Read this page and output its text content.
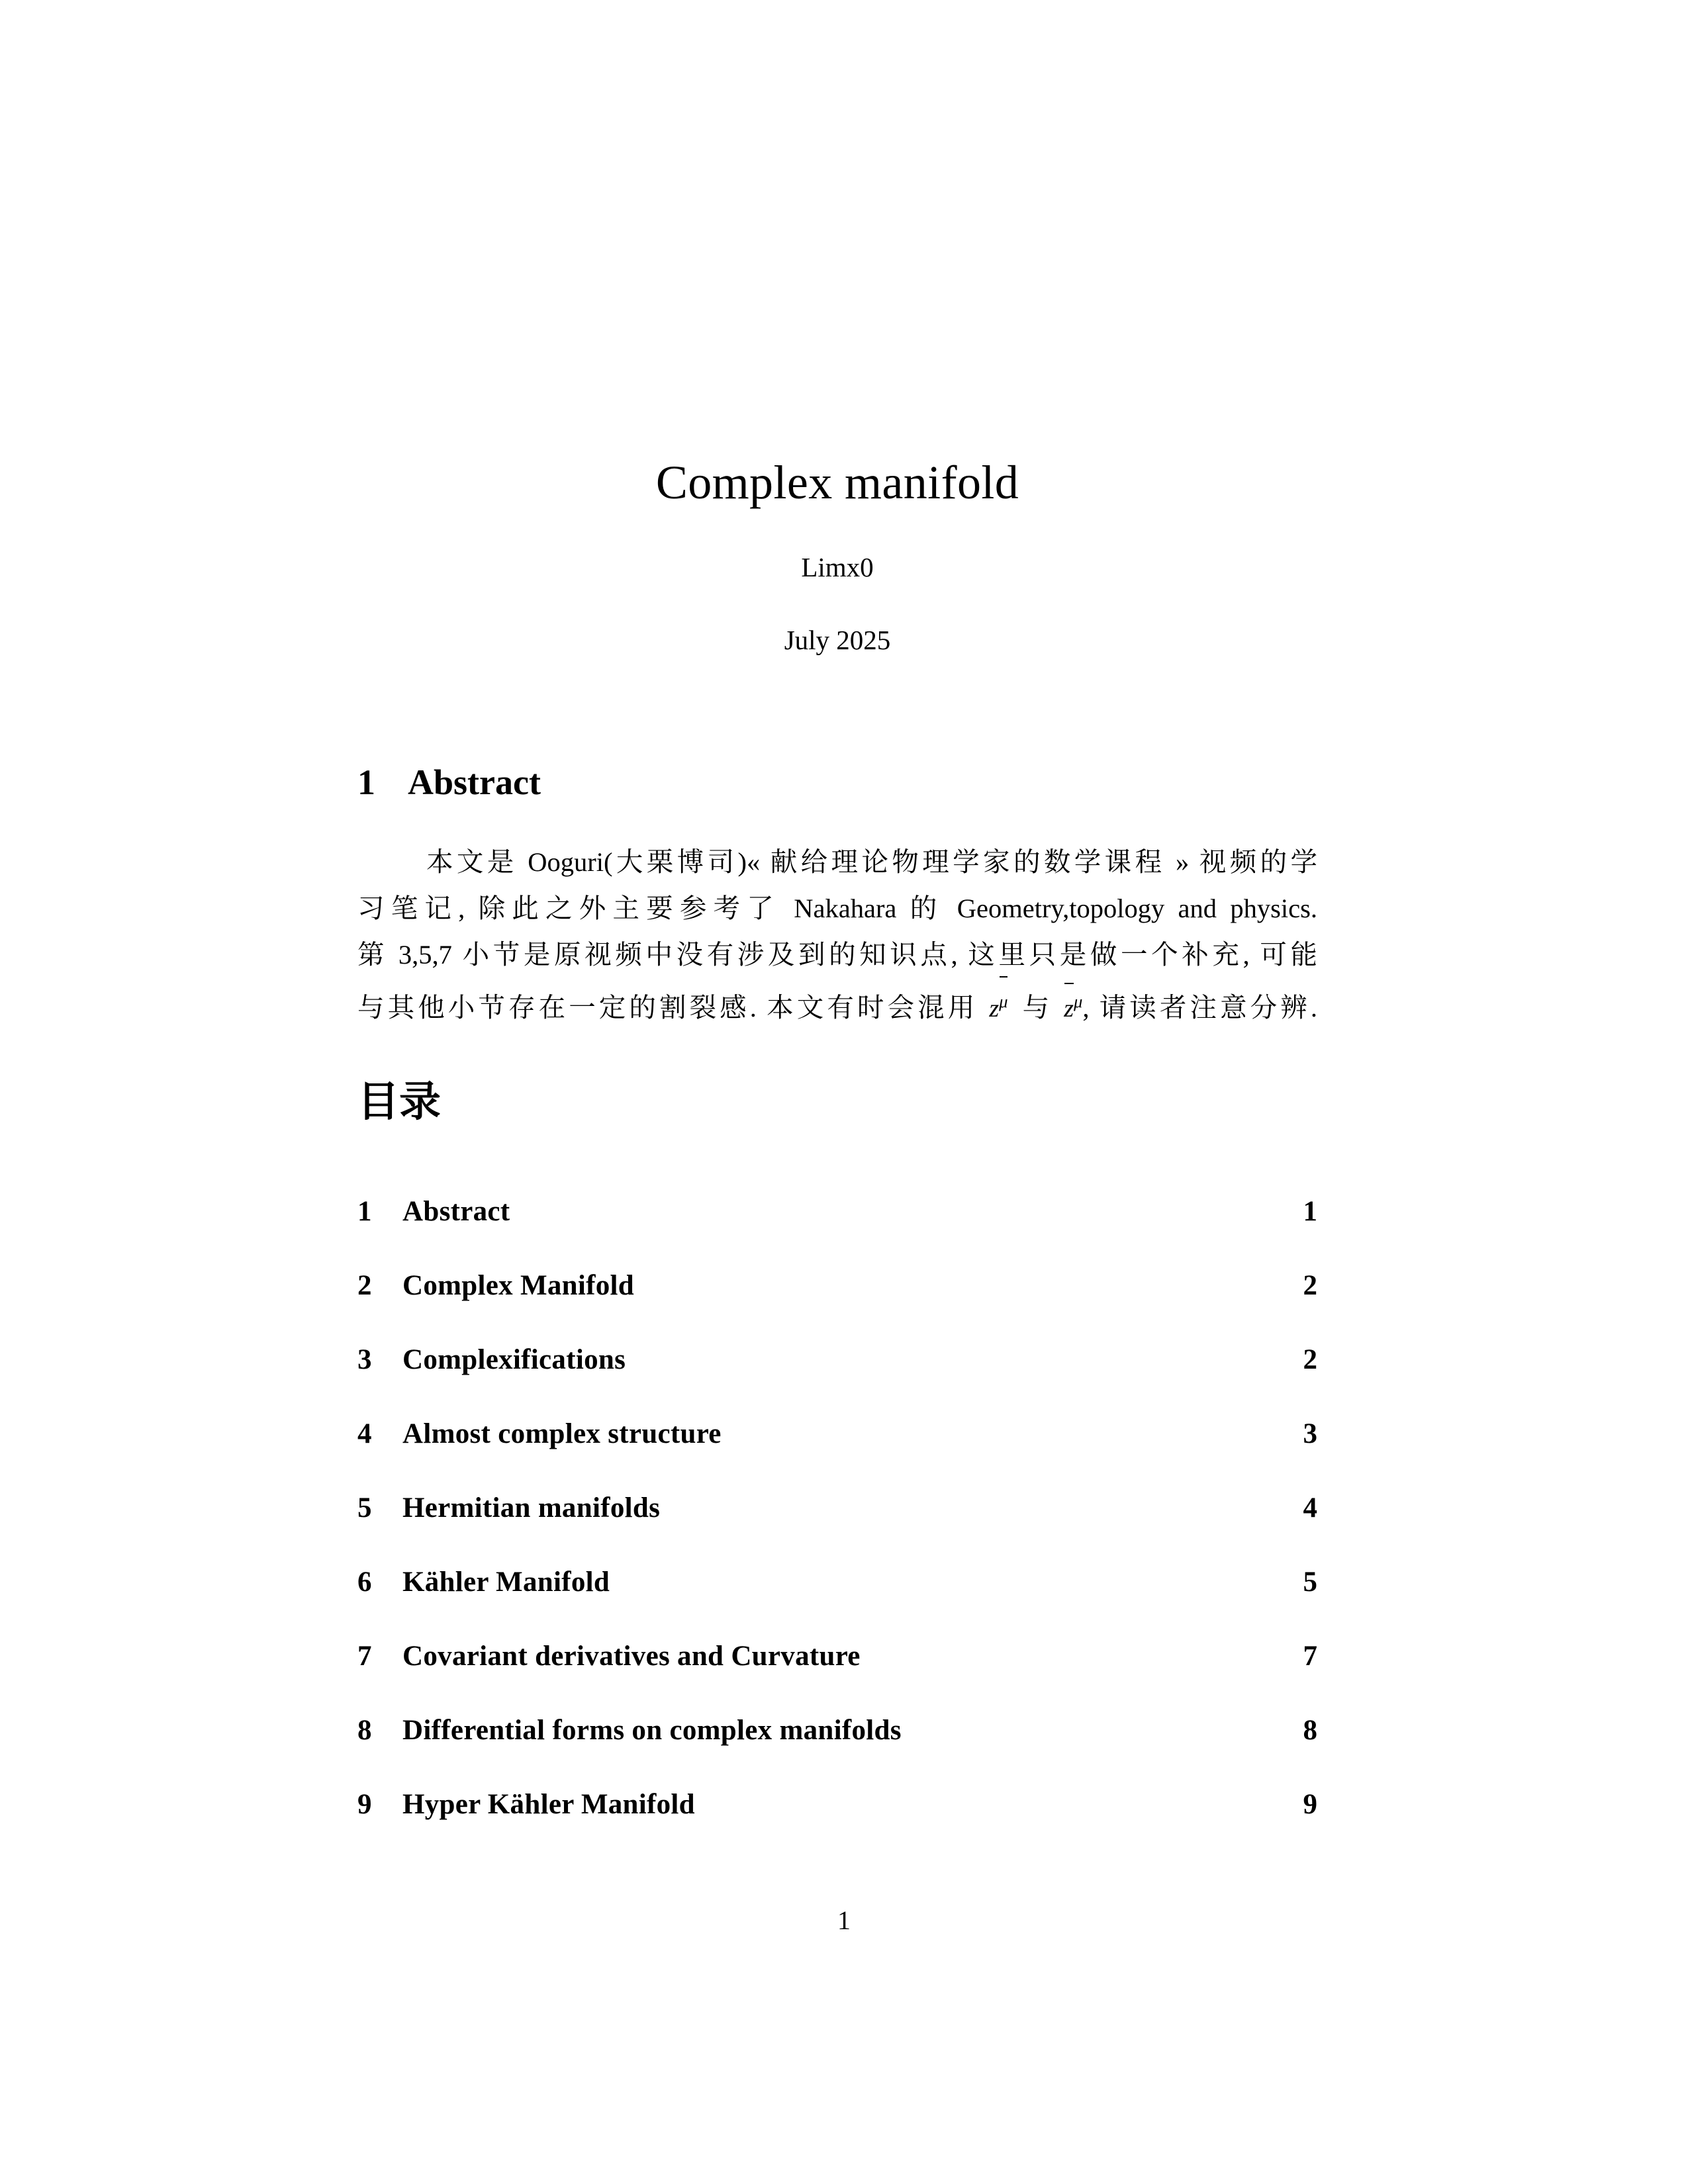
Complex manifold

Limx0

July 2025

1 Abstract
本文是 Ooguri(大栗博司)« 献给理论物理学家的数学课程 » 视频的学
习笔记, 除此之外主要参考了 Nakahara 的 Geometry,topology and physics.
第 3,5,7 小节是原视频中没有涉及到的知识点, 这里只是做一个补充, 可能
与其他小节存在一定的割裂感. 本文有时会混用 $z^\mu$ 与 $z^\mu$, 请读者注意分辨.
目录
1	Abstract	1
2	Complex Manifold	2
3	Complexifications	2
4	Almost complex structure	3
5	Hermitian manifolds	4
6	Kähler Manifold	5
7	Covariant derivatives and Curvature	7
8	Differential forms on complex manifolds	8
9	Hyper Kähler Manifold	9
1
